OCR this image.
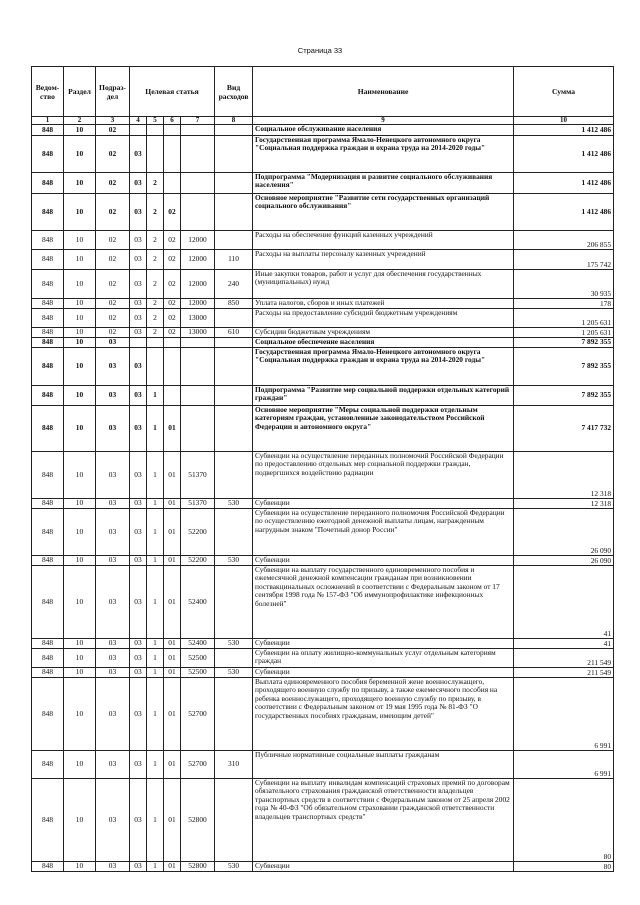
Страница 33
Ведом-ство	Раздел	Подраз-дел	Целевая статья				Вид расходов	Наименование	Сумма
1	2	3	4	5	6	7	8	9	10
848	10	02						Социальное обслуживание населения	1 412 486
848	10	02	03					Государственная программа Ямало-Ненецкого автономного округа "Социальная поддержка граждан и охрана труда на 2014-2020 годы"	1 412 486
848	10	02	03	2				Подпрограмма "Модернизация и развитие социального обслуживания населения"	1 412 486
848	10	02	03	2	02			Основное мероприятие "Развитие сети государственных организаций социального обслуживания"	1 412 486
848	10	02	03	2	02	12000		Расходы на обеспечение функций казенных учреждений	206 855
848	10	02	03	2	02	12000	110	Расходы на выплаты персоналу казенных учреждений	175 742
848	10	02	03	2	02	12000	240	Иные закупки товаров, работ и услуг для обеспечения государственных (муниципальных) нужд	30 935
848	10	02	03	2	02	12000	850	Уплата налогов, сборов и иных платежей	178
848	10	02	03	2	02	13000		Расходы на предоставление субсидий бюджетным учреждениям	1 205 631
848	10	02	03	2	02	13000	610	Субсидии бюджетным учреждениям	1 205 631
848	10	03						Социальное обеспечение населения	7 892 355
848	10	03	03					Государственная программа Ямало-Ненецкого автономного округа "Социальная поддержка граждан и охрана труда на 2014-2020 годы"	7 892 355
848	10	03	03	1				Подпрограмма "Развитие мер социальной поддержки отдельных категорий граждан"	7 892 355
848	10	03	03	1	01			Основное мероприятие "Меры социальной поддержки отдельным категориям граждан, установленные законодательством Российской Федерации и автономного округа"	7 417 732
848	10	03	03	1	01	51370		Субвенции на осуществление переданных полномочий Российской Федерации по предоставлению отдельных мер социальной поддержки граждан, подвергшихся воздействию радиации	12 318
848	10	03	03	1	01	51370	530	Субвенции	12 318
848	10	03	03	1	01	52200		Субвенции на осуществление переданного полномочия Российской Федерации по осуществлению ежегодной денежной выплаты лицам, награжденным нагрудным знаком "Почетный донор России"	26 090
848	10	03	03	1	01	52200	530	Субвенции	26 090
848	10	03	03	1	01	52400		Субвенции на выплату государственного единовременного пособия и ежемесячной денежной компенсации гражданам при возникновении поствакцинальных осложнений в соответствии с Федеральным законом от 17 сентября 1998 года № 157-ФЗ "Об иммунопрофилактике инфекционных болезней"	41
848	10	03	03	1	01	52400	530	Субвенции	41
848	10	03	03	1	01	52500		Субвенции на оплату жилищно-коммунальных услуг отдельным категориям граждан	211 549
848	10	03	03	1	01	52500	530	Субвенции	211 549
848	10	03	03	1	01	52700		Выплата единовременного пособия беременной жене военнослужащего, проходящего военную службу по призыву, а также ежемесячного пособия на ребенка военнослужащего, проходящего военную службу по призыву, в соответствии с Федеральным законом от 19 мая 1995 года № 81-ФЗ "О государственных пособиях гражданам, имеющим детей"	6 991
848	10	03	03	1	01	52700	310	Публичные нормативные социальные выплаты гражданам	6 991
848	10	03	03	1	01	52800		Субвенции на выплату инвалидам компенсаций страховых премий по договорам обязательного страхования гражданской ответственности владельцев транспортных средств в соответствии с Федеральным законом от 25 апреля 2002 года № 40-ФЗ "Об обязательном страховании гражданской ответственности владельцев транспортных средств"	80
848	10	03	03	1	01	52800	530	Субвенции	80
